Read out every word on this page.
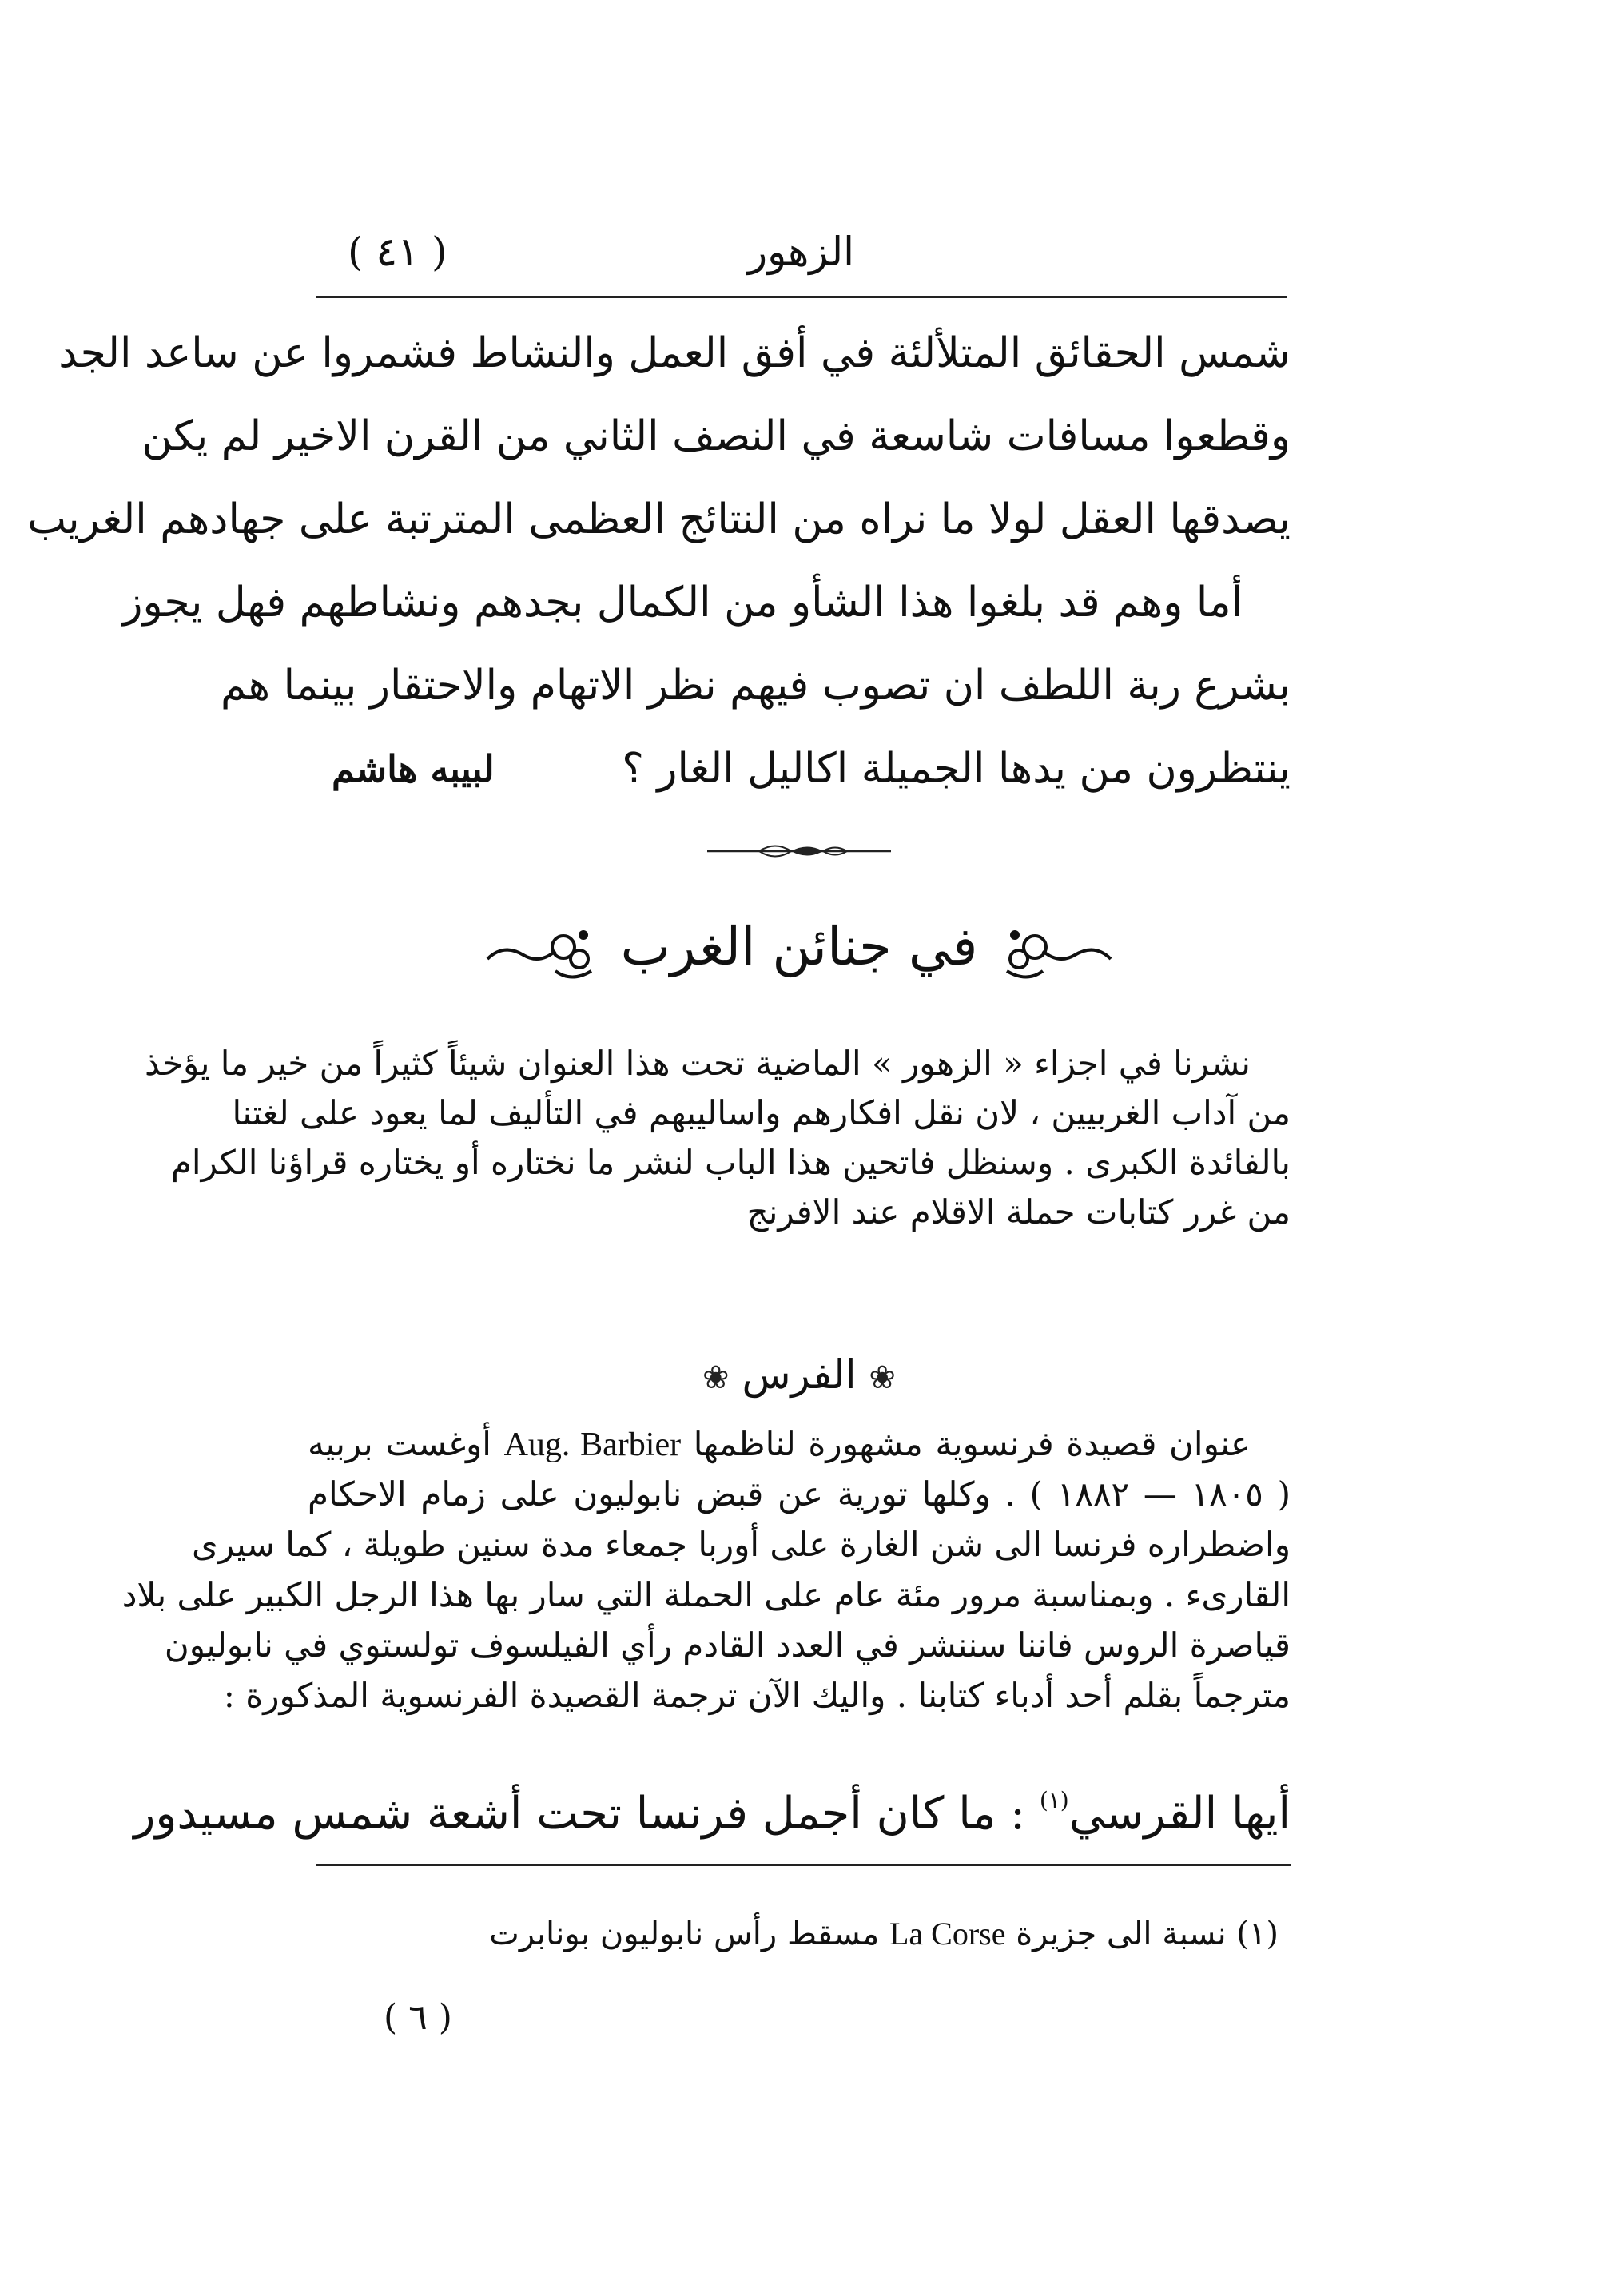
الزهور
( ٤١ )
شمس الحقائق المتلألئة في أفق العمل والنشاط فشمروا عن ساعد الجد
وقطعوا مسافات شاسعة في النصف الثاني من القرن الاخير لم يكن
يصدقها العقل لولا ما نراه من النتائج العظمى المترتبة على جهادهم الغريب
أما وهم قد بلغوا هذا الشأو من الكمال بجدهم ونشاطهم فهل يجوز
بشرع ربة اللطف ان تصوب فيهم نظر الاتهام والاحتقار بينما هم
ينتظرون من يدها الجميلة اكاليل الغار ؟
لبيبه هاشم
في جنائن الغرب
نشرنا في اجزاء « الزهور » الماضية تحت هذا العنوان شيئاً كثيراً من خير ما يؤخذ
من آداب الغربيين ، لان نقل افكارهم واساليبهم في التأليف لما يعود على لغتنا
بالفائدة الكبرى . وسنظل فاتحين هذا الباب لنشر ما نختاره أو يختاره قراؤنا الكرام
من غرر كتابات حملة الاقلام عند الافرنج
❀ الفرس ❀
عنوان قصيدة فرنسوية مشهورة لناظمها Aug. Barbier أوغست بربيه
( ١٨٠٥ — ١٨٨٢ ) . وكلها تورية عن قبض نابوليون على زمام الاحكام
واضطراره فرنسا الى شن الغارة على أوربا جمعاء مدة سنين طويلة ، كما سيرى
القارىء . وبمناسبة مرور مئة عام على الحملة التي سار بها هذا الرجل الكبير على بلاد
قياصرة الروس فاننا سننشر في العدد القادم رأي الفيلسوف تولستوي في نابوليون
مترجماً بقلم أحد أدباء كتابنا . واليك الآن ترجمة القصيدة الفرنسوية المذكورة :
أيها القرسي$^{(١)}$ : ما كان أجمل فرنسا تحت أشعة شمس مسيدور
(١) نسبة الى جزيرة La Corse مسقط رأس نابوليون بونابرت
( ٦ )
